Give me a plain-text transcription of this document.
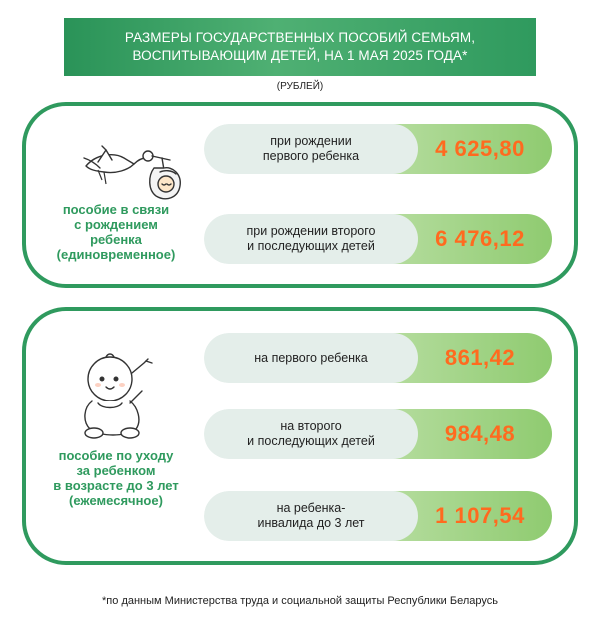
РАЗМЕРЫ ГОСУДАРСТВЕННЫХ ПОСОБИЙ СЕМЬЯМ,
ВОСПИТЫВАЮЩИМ ДЕТЕЙ, НА 1 МАЯ 2025 ГОДА*
(РУБЛЕЙ)
пособие в связи
с рождением
ребенка
(единовременное)
при рождении
первого ребенка	4 625,80
при рождении второго
и последующих детей	6 476,12
пособие по уходу
за ребенком
в возрасте до 3 лет
(ежемесячное)
на первого ребенка	861,42
на второго
и последующих детей	984,48
на ребенка-
инвалида до 3 лет	1 107,54
*по данным Министерства труда и социальной защиты Республики Беларусь
